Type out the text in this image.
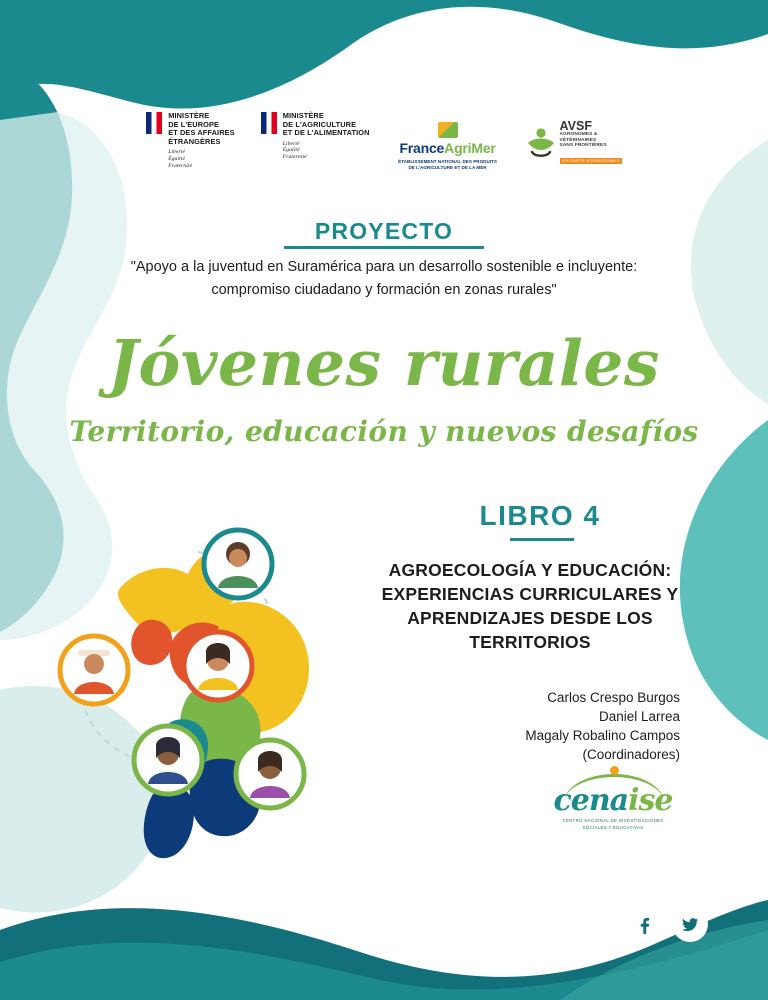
MINISTÈRE
DE L'EUROPE
ET DES AFFAIRES
ÉTRANGÈRES
Liberté
Égalité
Fraternité
MINISTÈRE
DE L'AGRICULTURE
ET DE L'ALIMENTATION
Liberté
Égalité
Fraternité
FranceAgriMer
ÉTABLISSEMENT NATIONAL DES PRODUITS DE L'AGRICULTURE ET DE LA MER
AVSF
AGRONOMES &
VÉTÉRINAIRES
SANS FRONTIÈRES
SOLIDARITÉ INTERNATIONALE
PROYECTO
"Apoyo a la juventud en Suramérica para un desarrollo sostenible e incluyente: compromiso ciudadano y formación en zonas rurales"
Jóvenes rurales
Territorio, educación y nuevos desafíos
LIBRO 4
AGROECOLOGÍA Y EDUCACIÓN: EXPERIENCIAS CURRICULARES Y APRENDIZAJES DESDE LOS TERRITORIOS
Carlos Crespo Burgos
Daniel Larrea
Magaly Robalino Campos
(Coordinadores)
cenaise
CENTRO NACIONAL DE INVESTIGACIONES
SOCIALES Y EDUCATIVAS
www.avsf.org
